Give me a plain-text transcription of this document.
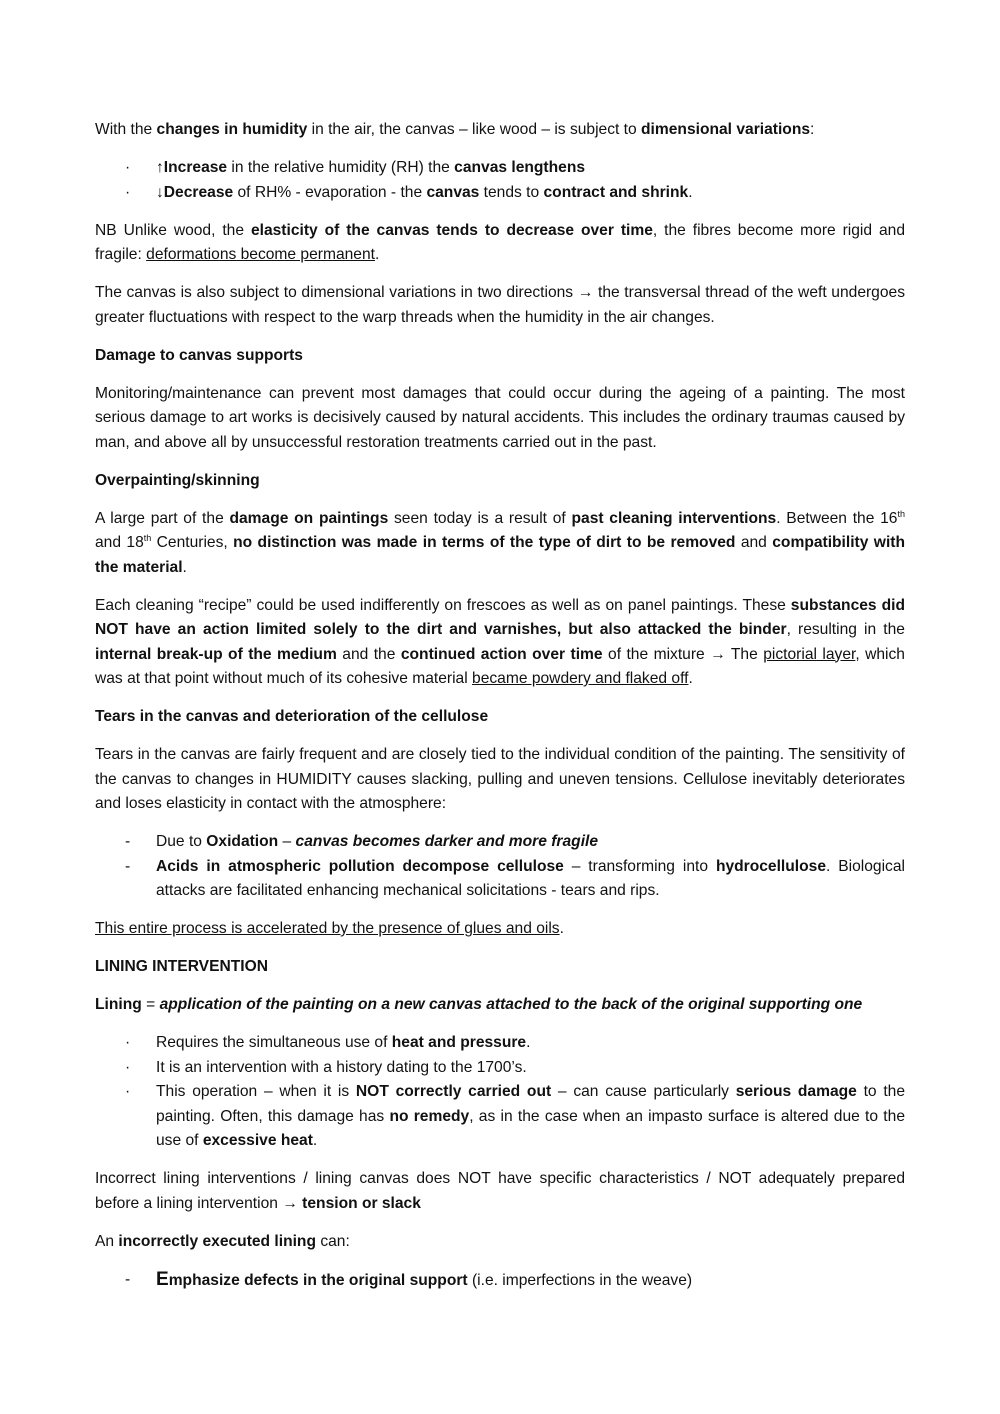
With the changes in humidity in the air, the canvas – like wood – is subject to dimensional variations:

·	↑Increase in the relative humidity (RH) the canvas lengthens
·	↓Decrease of RH% - evaporation - the canvas tends to contract and shrink.

NB Unlike wood, the elasticity of the canvas tends to decrease over time, the fibres become more rigid and fragile: deformations become permanent.

The canvas is also subject to dimensional variations in two directions → the transversal thread of the weft undergoes greater fluctuations with respect to the warp threads when the humidity in the air changes.

Damage to canvas supports

Monitoring/maintenance can prevent most damages that could occur during the ageing of a painting. The most serious damage to art works is decisively caused by natural accidents. This includes the ordinary traumas caused by man, and above all by unsuccessful restoration treatments carried out in the past.

Overpainting/skinning

A large part of the damage on paintings seen today is a result of past cleaning interventions. Between the 16th and 18th Centuries, no distinction was made in terms of the type of dirt to be removed and compatibility with the material.

Each cleaning “recipe” could be used indifferently on frescoes as well as on panel paintings. These substances did NOT have an action limited solely to the dirt and varnishes, but also attacked the binder, resulting in the internal break-up of the medium and the continued action over time of the mixture → The pictorial layer, which was at that point without much of its cohesive material became powdery and flaked off.

Tears in the canvas and deterioration of the cellulose

Tears in the canvas are fairly frequent and are closely tied to the individual condition of the painting. The sensitivity of the canvas to changes in HUMIDITY causes slacking, pulling and uneven tensions. Cellulose inevitably deteriorates and loses elasticity in contact with the atmosphere:

-	Due to Oxidation – canvas becomes darker and more fragile
-	Acids in atmospheric pollution decompose cellulose – transforming into hydrocellulose. Biological attacks are facilitated enhancing mechanical solicitations - tears and rips.

This entire process is accelerated by the presence of glues and oils.

LINING INTERVENTION

Lining = application of the painting on a new canvas attached to the back of the original supporting one

·	Requires the simultaneous use of heat and pressure.
·	It is an intervention with a history dating to the 1700’s.
·	This operation – when it is NOT correctly carried out – can cause particularly serious damage to the painting. Often, this damage has no remedy, as in the case when an impasto surface is altered due to the use of excessive heat.

Incorrect lining interventions / lining canvas does NOT have specific characteristics / NOT adequately prepared before a lining intervention → tension or slack

An incorrectly executed lining can:

-	Emphasize defects in the original support (i.e. imperfections in the weave)
